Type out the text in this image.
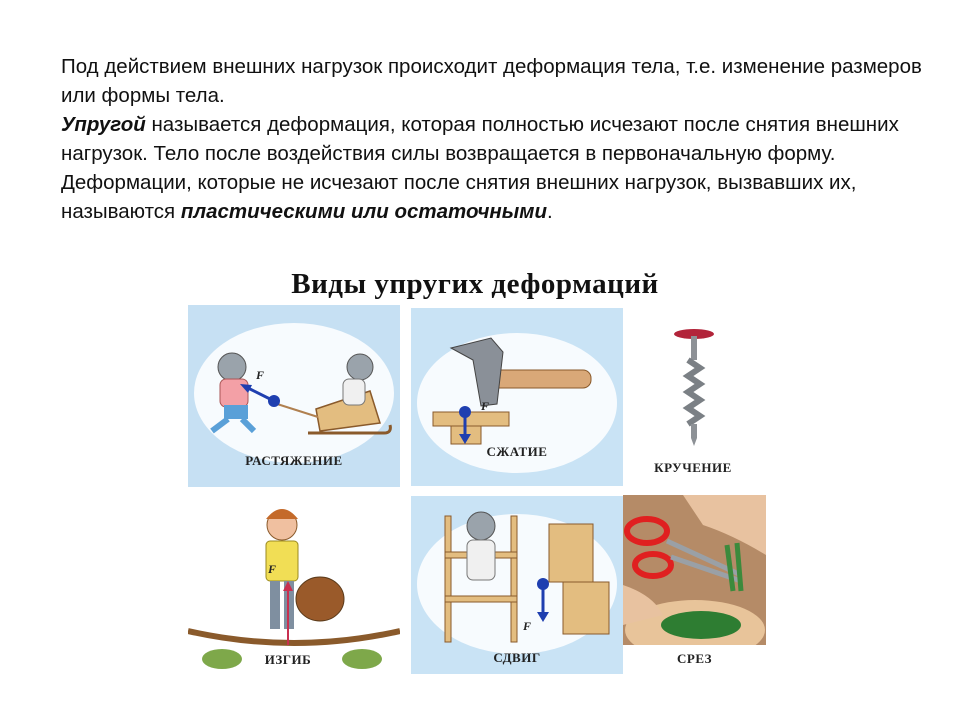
Под действием внешних нагрузок происходит деформация тела, т.е. изменение размеров или формы тела.

Упругой называется деформация, которая полностью исчезают после снятия внешних нагрузок. Тело после воздействия силы возвращается в первоначальную форму.

Деформации, которые не исчезают после снятия внешних нагрузок, вызвавших их, называются пластическими или остаточными.

Виды упругих деформаций
F
РАСТЯЖЕНИЕ
F
СЖАТИЕ
КРУЧЕНИЕ
F
ИЗГИБ
F
СДВИГ	СРЕЗ
